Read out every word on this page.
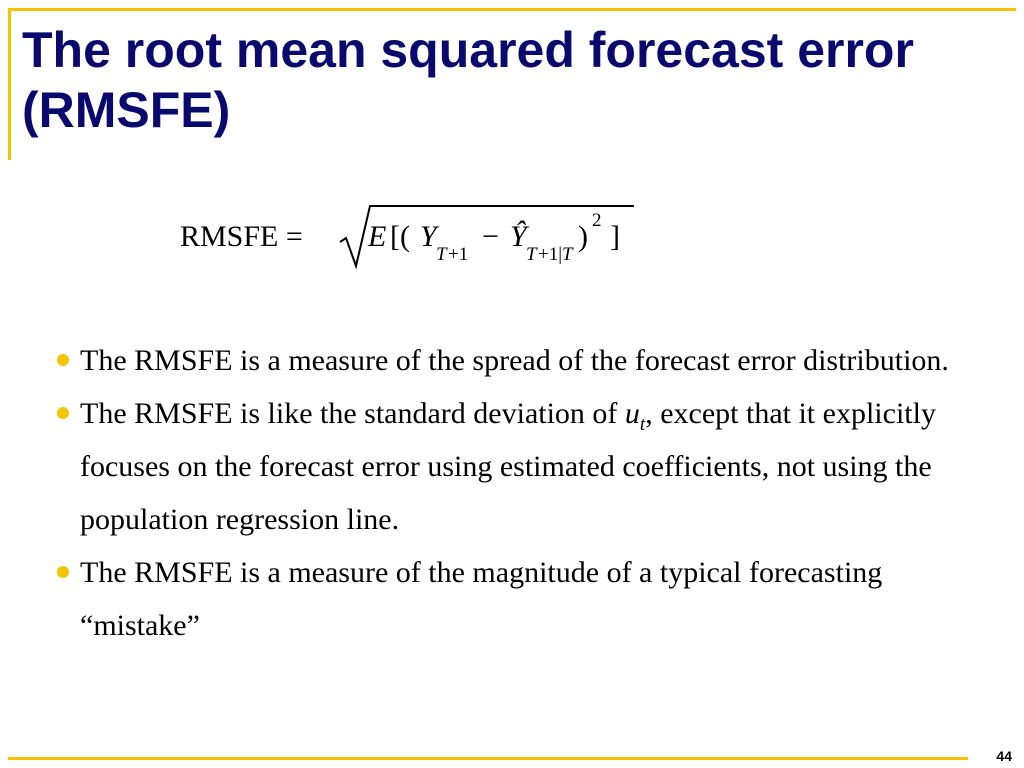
The root mean squared forecast error (RMSFE)
RMSFE = E [( Y
T +1
− Ŷ
T +1| T
) 2 ]
The RMSFE is a measure of the spread of the forecast error distribution.
The RMSFE is like the standard deviation of $u_t$, except that it explicitly focuses on the forecast error using estimated coefficients, not using the population regression line.
The RMSFE is a measure of the magnitude of a typical forecasting “mistake”
44
